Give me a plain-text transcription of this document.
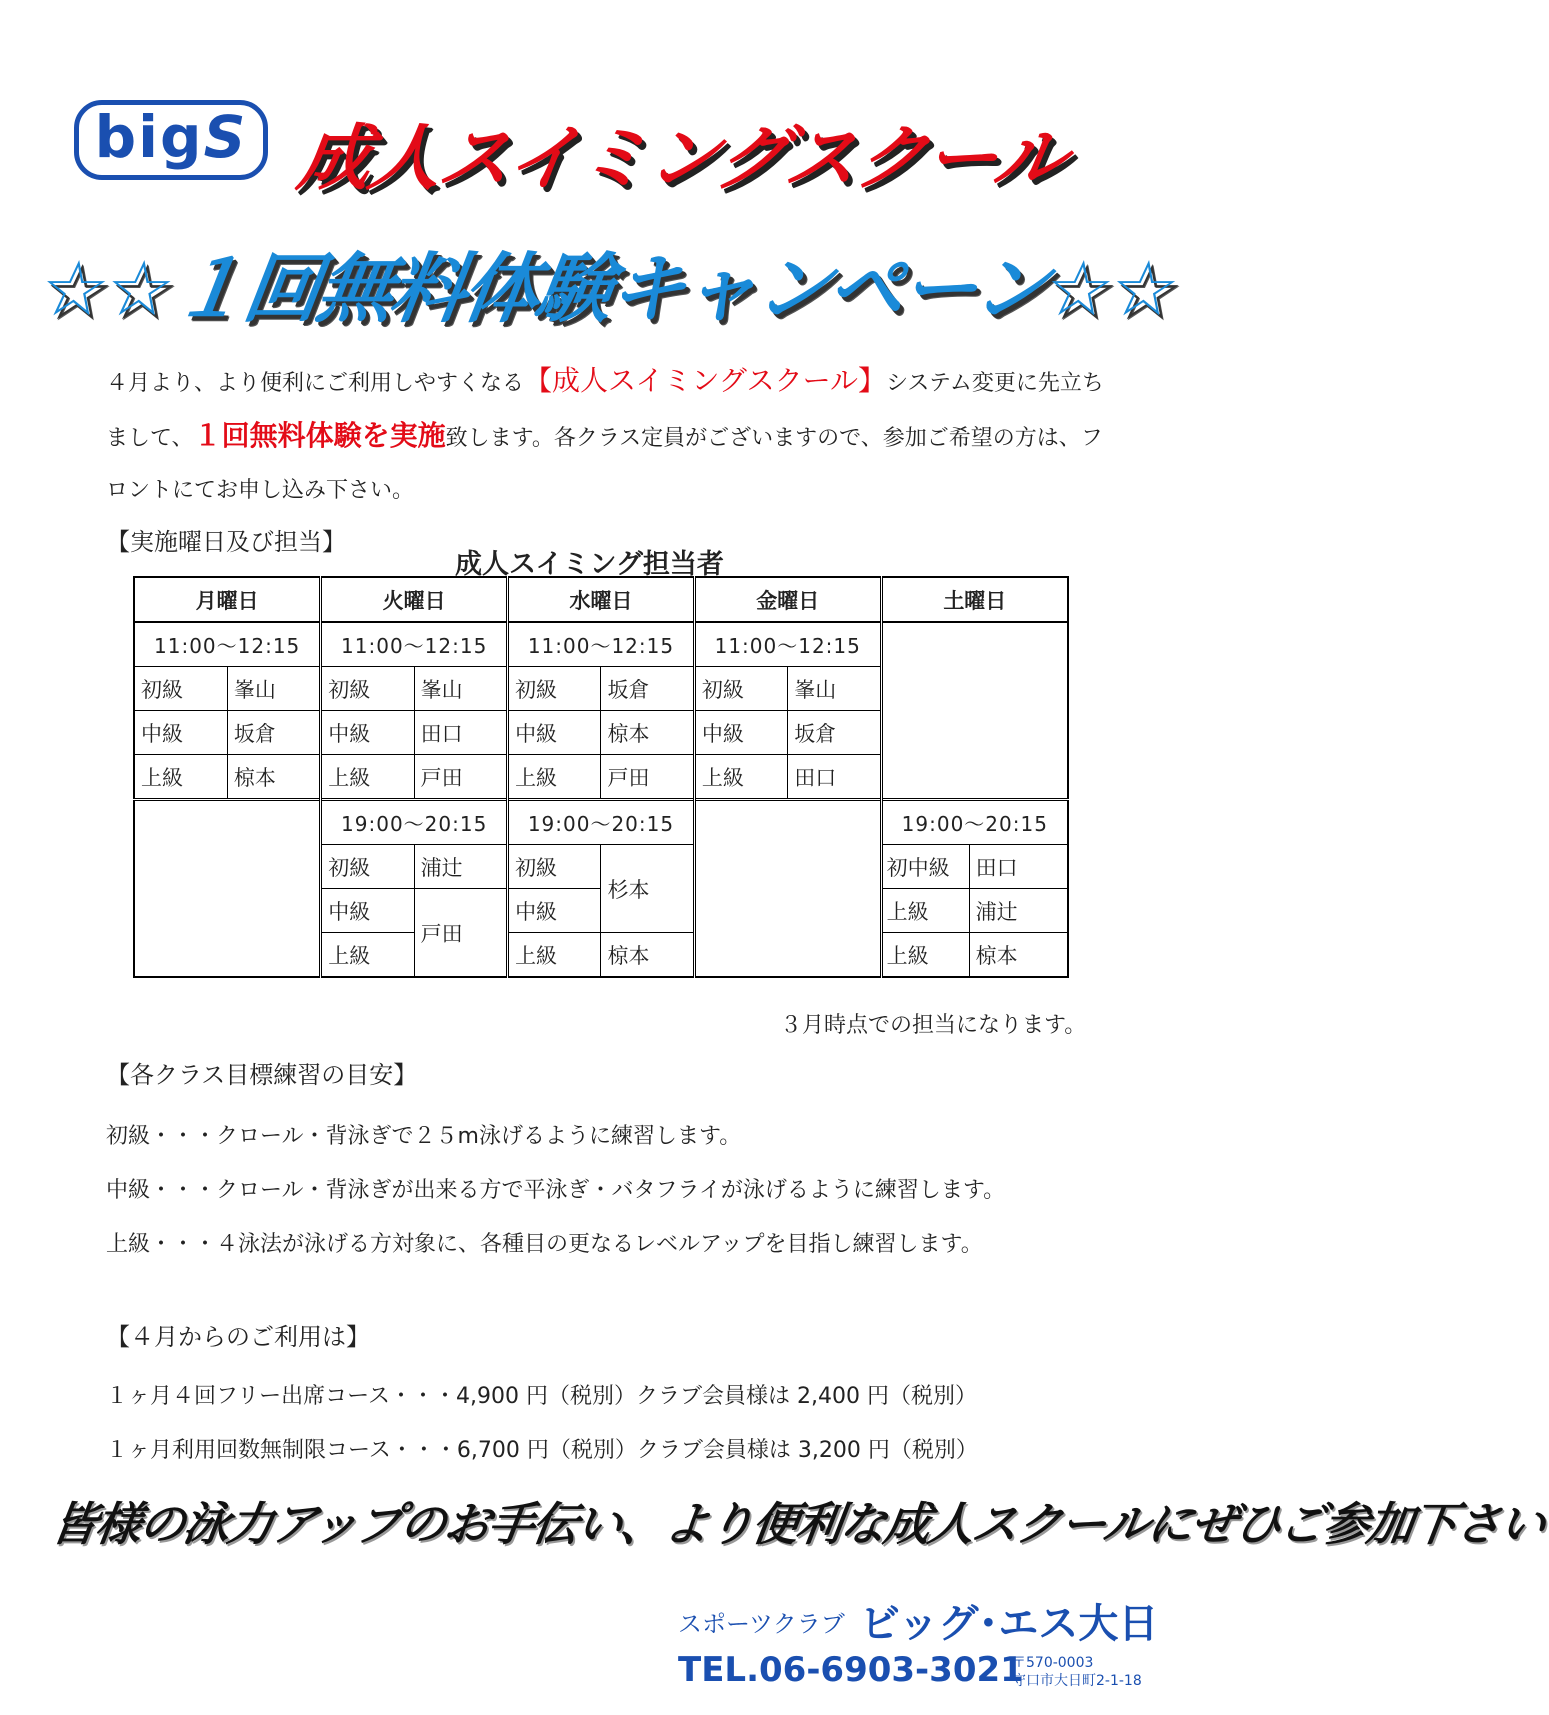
big S 成人スイミングスクール
☆☆１回無料体験キャンペーン☆☆
４月より、より便利にご利用しやすくなる【成人スイミングスクール】システム変更に先立ちまして、１回無料体験を実施致します。各クラス定員がございますので、参加ご希望の方は、フロントにてお申し込み下さい。
【実施曜日及び担当】
成人スイミング担当者
月曜日		火曜日		水曜日		金曜日		土曜日
11:00～12:15		11:00～12:15		11:00～12:15		11:00～12:15		
初級	峯山	初級	峯山	初級	坂倉	初級	峯山	
中級	坂倉	中級	田口	中級	椋本	中級	坂倉	
上級	椋本	上級	戸田	上級	戸田	上級	田口	
		19:00～20:15		19:00～20:15				19:00～20:15
		初級	浦辻	初級	杉本			初中級 田口

		中級	戸田	中級				上級 浦辻

		上級		上級	椋本			上級 椋本
３月時点での担当になります。
【各クラス目標練習の目安】
初級・・・クロール・背泳ぎで２５m泳げるように練習します。
中級・・・クロール・背泳ぎが出来る方で平泳ぎ・バタフライが泳げるように練習します。
上級・・・４泳法が泳げる方対象に、各種目の更なるレベルアップを目指し練習します。
【４月からのご利用は】
１ヶ月４回フリー出席コース・・・4,900 円（税別）クラブ会員様は 2,400 円（税別）
１ヶ月利用回数無制限コース・・・6,700 円（税別）クラブ会員様は 3,200 円（税別）
皆様の泳力アップのお手伝い、より便利な成人スクールにぜひご参加下さい
スポーツクラブ ビッグ･エス大日
TEL.06-6903-3021
〒570-0003
守口市大日町2-1-18
